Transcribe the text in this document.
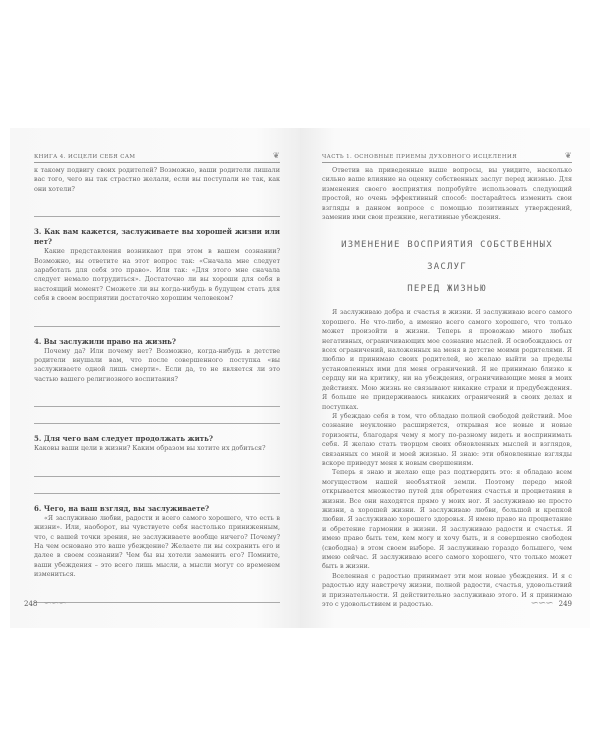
КНИГА 4. ИСЦЕЛИ СЕБЯ САМ	❦

к такому подвигу своих родителей? Возможно, ваши родители лишали вас того, чего вы так страстно желали, если вы поступали не так, как они хотели?

3. Как вам кажется, заслуживаете вы хорошей жизни или нет?

Какие представления возникают при этом в вашем сознании? Возможно, вы ответите на этот вопрос так: «Сначала мне следует заработать для себя это право». Или так: «Для этого мне сначала следует немало потрудиться». Достаточно ли вы хороши для себя в настоящий момент? Сможете ли вы когда-нибудь в будущем стать для себя в своем восприятии достаточно хорошим человеком?

4. Вы заслужили право на жизнь?

Почему да? Или почему нет? Возможно, когда-нибудь в детстве родители внушали вам, что после совершенного поступка «вы заслуживаете одной лишь смерти». Если да, то не является ли это частью вашего религиозного воспитания?

5. Для чего вам следует продолжать жить?

Каковы ваши цели в жизни? Каким образом вы хотите их добиться?

6. Чего, на ваш взгляд, вы заслуживаете?

«Я заслуживаю любви, радости и всего самого хорошего, что есть в жизни». Или, наоборот, вы чувствуете себя настолько приниженным, что, с вашей точки зрения, не заслуживаете вообще ничего? Почему? На чем основано это ваше убеждение? Желаете ли вы сохранить его и далее в своем сознании? Чем бы вы хотели заменить его? Помните, ваши убеждения – это всего лишь мысли, а мысли могут со временем измениться.

248 ∽∽∽
ЧАСТЬ 1. ОСНОВНЫЕ ПРИЕМЫ ДУХОВНОГО ИСЦЕЛЕНИЯ	❦

Ответив на приведенные выше вопросы, вы увидите, насколько сильно ваше влияние на оценку собственных заслуг перед жизнью. Для изменения своего восприятия попробуйте использовать следующий простой, но очень эффективный способ: постарайтесь изменить свои взгляды в данном вопросе с помощью позитивных утверждений, заменив ими свои прежние, негативные убеждения.

ИЗМЕНЕНИЕ ВОСПРИЯТИЯ СОБСТВЕННЫХ ЗАСЛУГ
ПЕРЕД ЖИЗНЬЮ

Я заслуживаю добра и счастья в жизни. Я заслуживаю всего самого хорошего. Не что-либо, а именно всего самого хорошего, что только может произойти в жизни. Теперь я провожаю много любых негативных, ограничивающих мое сознание мыслей. Я освобождаюсь от всех ограничений, наложенных на меня в детстве моими родителями. Я люблю и принимаю своих родителей, но желаю выйти за пределы установленных ими для меня ограничений. Я не принимаю близко к сердцу ни на критику, ни на убеждения, ограничивающие меня в моих действиях. Мою жизнь не связывают никакие страхи и предубеждения. Я больше не придерживаюсь никаких ограничений в своих делах и поступках.

Я убеждаю себя в том, что обладаю полной свободой действий. Мое сознание неуклонно расширяется, открывая все новые и новые горизонты, благодаря чему я могу по-разному видеть и воспринимать себя. Я желаю стать творцом своих обновленных мыслей и взглядов, связанных со мной и моей жизнью. Я знаю: эти обновленные взгляды вскоре приведут меня к новым свершениям.

Теперь я знаю и желаю еще раз подтвердить это: я обладаю всем могуществом нашей необъятной земли. Поэтому передо мной открывается множество путей для обретения счастья и процветания в жизни. Все они находятся прямо у моих ног. Я заслуживаю не просто жизни, а хорошей жизни. Я заслуживаю любви, большой и крепкой любви. Я заслуживаю хорошего здоровья. Я имею право на процветание и обретение гармонии в жизни. Я заслуживаю радости и счастья. Я имею право быть тем, кем могу и хочу быть, и я совершенно свободен (свободна) в этом своем выборе. Я заслуживаю гораздо большего, чем имею сейчас. Я заслуживаю всего самого хорошего, что только может быть в жизни.

Вселенная с радостью принимает эти мои новые убеждения. И я с радостью иду навстречу жизни, полной радости, счастья, удовольствий и признательности. Я действительно заслуживаю этого. И я принимаю это с удовольствием и радостью.	∽∽∽ 249
